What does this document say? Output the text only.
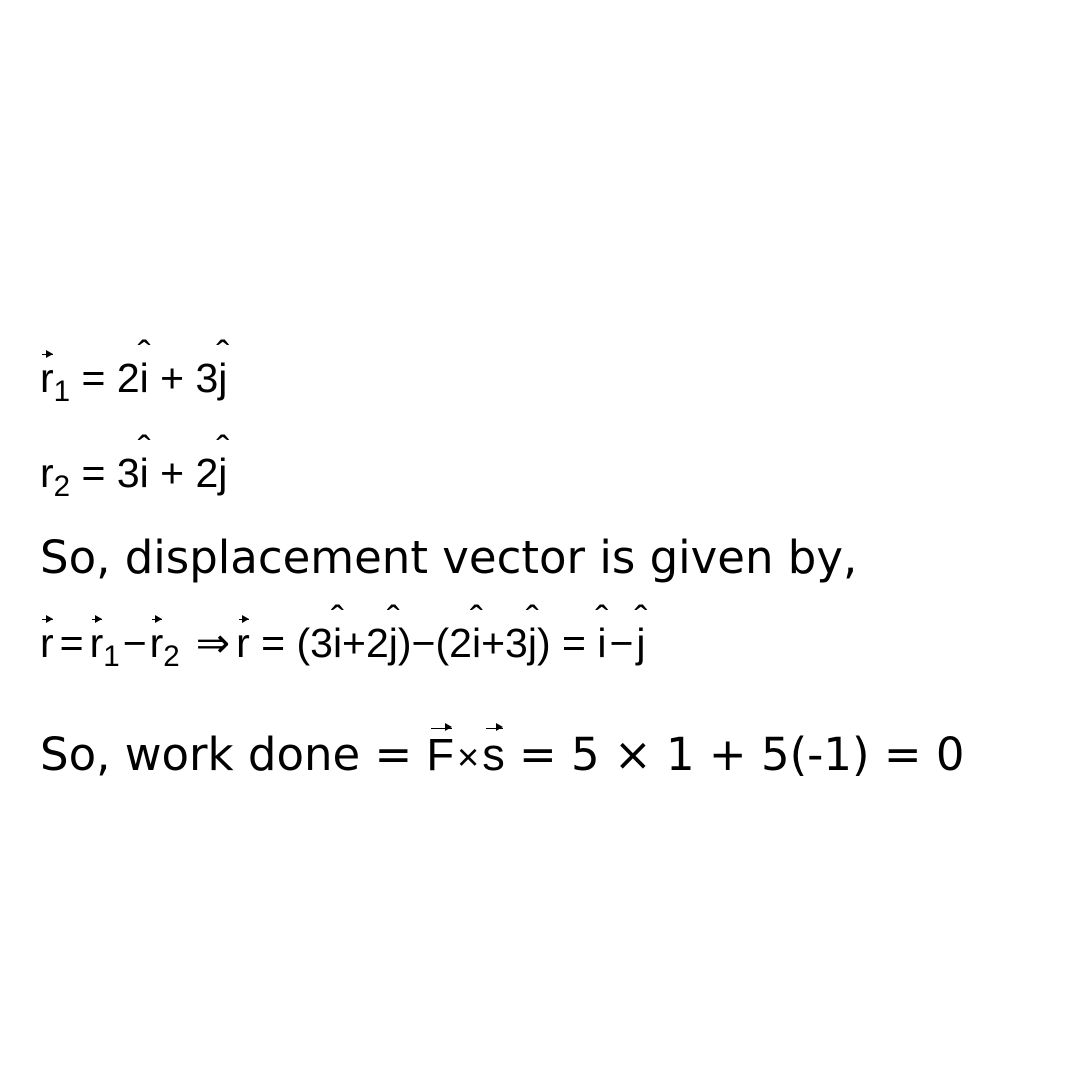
$r_1 = 2i$ ˆ + 3j ˆ
$r_2 = 3i$ ˆ + 2j ˆ
So, displacement vector is given by,
$r = r_1-r_2$ ⇒ r = (3i ˆ+2j ˆ)−(2i ˆ+3j ˆ) = i ˆ−j ˆ
So, work done = F×s = 5 × 1 + 5(-1) = 0
